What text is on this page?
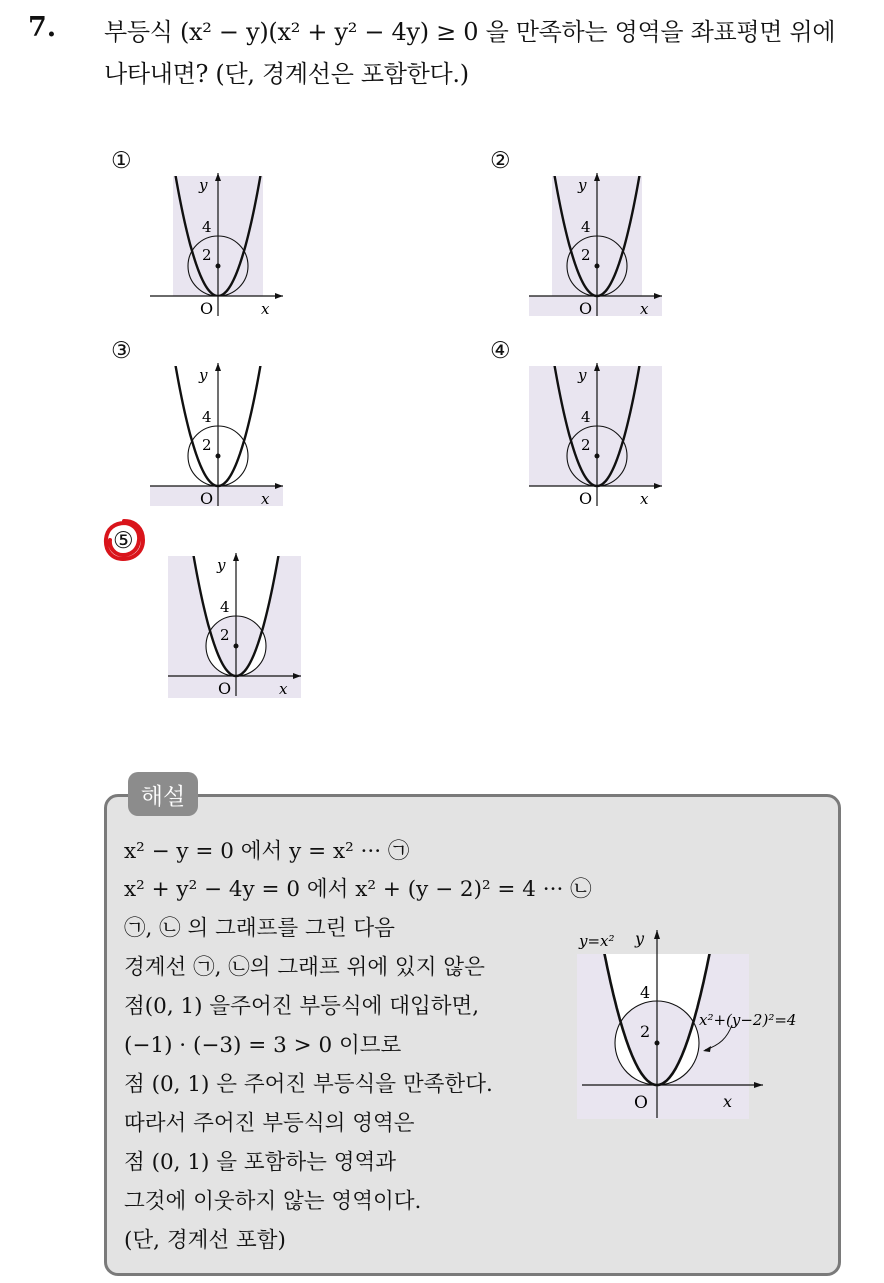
7. 부등식 (x² − y)(x² + y² − 4y) ≥ 0 을 만족하는 영역을 좌표평면 위에
나타내면? (단, 경계선은 포함한다.)
①	②
③	④
⑤
y
4
2
O	x
y
4
2
O	x
y
4
2
O	x
y
4
2
O	x
y
4
2
O	x
해설
x² − y = 0 에서 y = x² ··· ㉠
x² + y² − 4y = 0 에서 x² + (y − 2)² = 4 ··· ㉡
㉠, ㉡ 의 그래프를 그린 다음
경계선 ㉠, ㉡의 그래프 위에 있지 않은
점(0, 1) 을주어진 부등식에 대입하면,
(−1) · (−3) = 3 > 0 이므로
점 (0, 1) 은 주어진 부등식을 만족한다.
따라서 주어진 부등식의 영역은
점 (0, 1) 을 포함하는 영역과
그것에 이웃하지 않는 영역이다.
(단, 경계선 포함)
y=x² y
4
2
O	x
x²+(y−2)²=4
